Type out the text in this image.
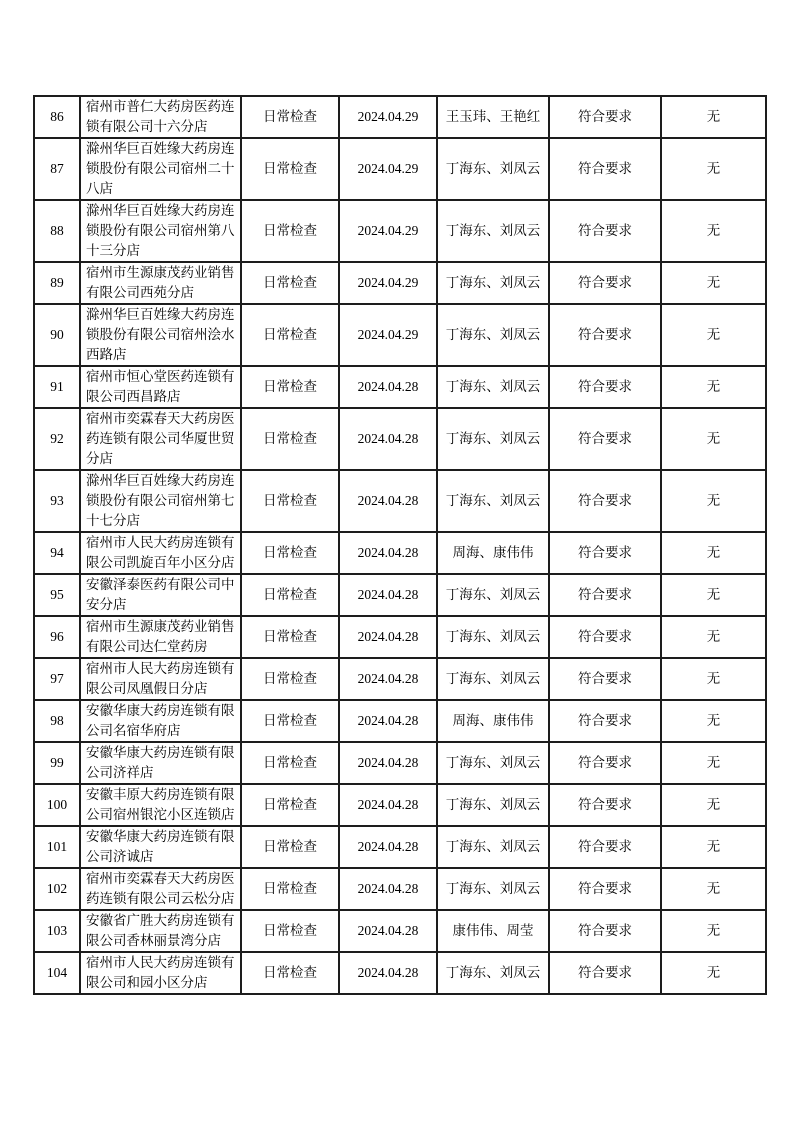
86	宿州市普仁大药房医药连锁有限公司十六分店	日常检查	2024.04.29	王玉玮、王艳红	符合要求	无
87	滁州华巨百姓缘大药房连锁股份有限公司宿州二十八店	日常检查	2024.04.29	丁海东、刘凤云	符合要求	无
88	滁州华巨百姓缘大药房连锁股份有限公司宿州第八十三分店	日常检查	2024.04.29	丁海东、刘凤云	符合要求	无
89	宿州市生源康茂药业销售有限公司西苑分店	日常检查	2024.04.29	丁海东、刘凤云	符合要求	无
90	滁州华巨百姓缘大药房连锁股份有限公司宿州浍水西路店	日常检查	2024.04.29	丁海东、刘凤云	符合要求	无
91	宿州市恒心堂医药连锁有限公司西昌路店	日常检查	2024.04.28	丁海东、刘凤云	符合要求	无
92	宿州市奕霖春天大药房医药连锁有限公司华厦世贸分店	日常检查	2024.04.28	丁海东、刘凤云	符合要求	无
93	滁州华巨百姓缘大药房连锁股份有限公司宿州第七十七分店	日常检查	2024.04.28	丁海东、刘凤云	符合要求	无
94	宿州市人民大药房连锁有限公司凯旋百年小区分店	日常检查	2024.04.28	周海、康伟伟	符合要求	无
95	安徽泽泰医药有限公司中安分店	日常检查	2024.04.28	丁海东、刘凤云	符合要求	无
96	宿州市生源康茂药业销售有限公司达仁堂药房	日常检查	2024.04.28	丁海东、刘凤云	符合要求	无
97	宿州市人民大药房连锁有限公司凤凰假日分店	日常检查	2024.04.28	丁海东、刘凤云	符合要求	无
98	安徽华康大药房连锁有限公司名宿华府店	日常检查	2024.04.28	周海、康伟伟	符合要求	无
99	安徽华康大药房连锁有限公司济祥店	日常检查	2024.04.28	丁海东、刘凤云	符合要求	无
100	安徽丰原大药房连锁有限公司宿州银沱小区连锁店	日常检查	2024.04.28	丁海东、刘凤云	符合要求	无
101	安徽华康大药房连锁有限公司济诚店	日常检查	2024.04.28	丁海东、刘凤云	符合要求	无
102	宿州市奕霖春天大药房医药连锁有限公司云松分店	日常检查	2024.04.28	丁海东、刘凤云	符合要求	无
103	安徽省广胜大药房连锁有限公司香林丽景湾分店	日常检查	2024.04.28	康伟伟、周莹	符合要求	无
104	宿州市人民大药房连锁有限公司和园小区分店	日常检查	2024.04.28	丁海东、刘凤云	符合要求	无
